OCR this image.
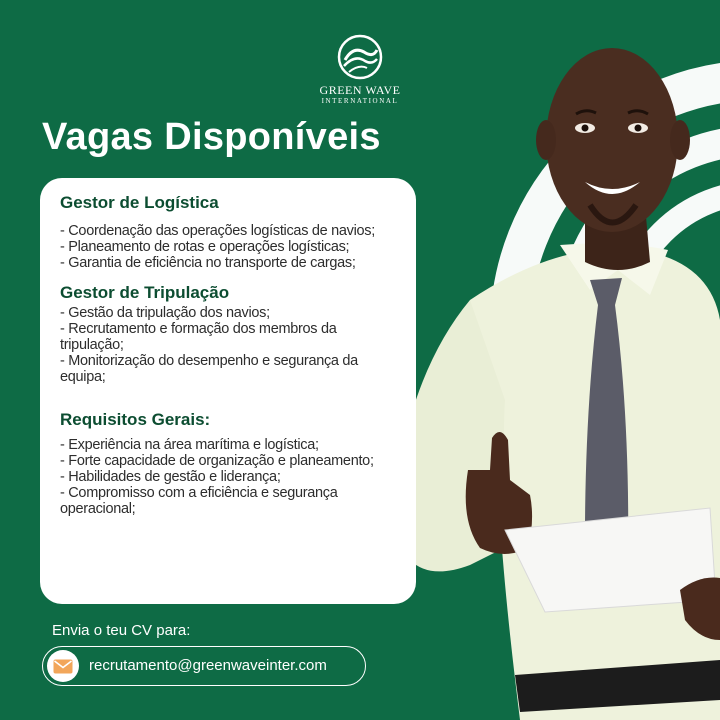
GREEN WAVE
INTERNATIONAL
Vagas Disponíveis
Gestor de Logística
- Coordenação das operações logísticas de navios;
- Planeamento de rotas e operações logísticas;
- Garantia de eficiência no transporte de cargas;
Gestor de Tripulação
- Gestão da tripulação dos navios;
- Recrutamento e formação dos membros da tripulação;
- Monitorização do desempenho e segurança da equipa;
Requisitos Gerais:
- Experiência na área marítima e logística;
- Forte capacidade de organização e planeamento;
- Habilidades de gestão e liderança;
- Compromisso com a eficiência e segurança operacional;
Envia o teu CV para:
recrutamento@greenwaveinter.com
